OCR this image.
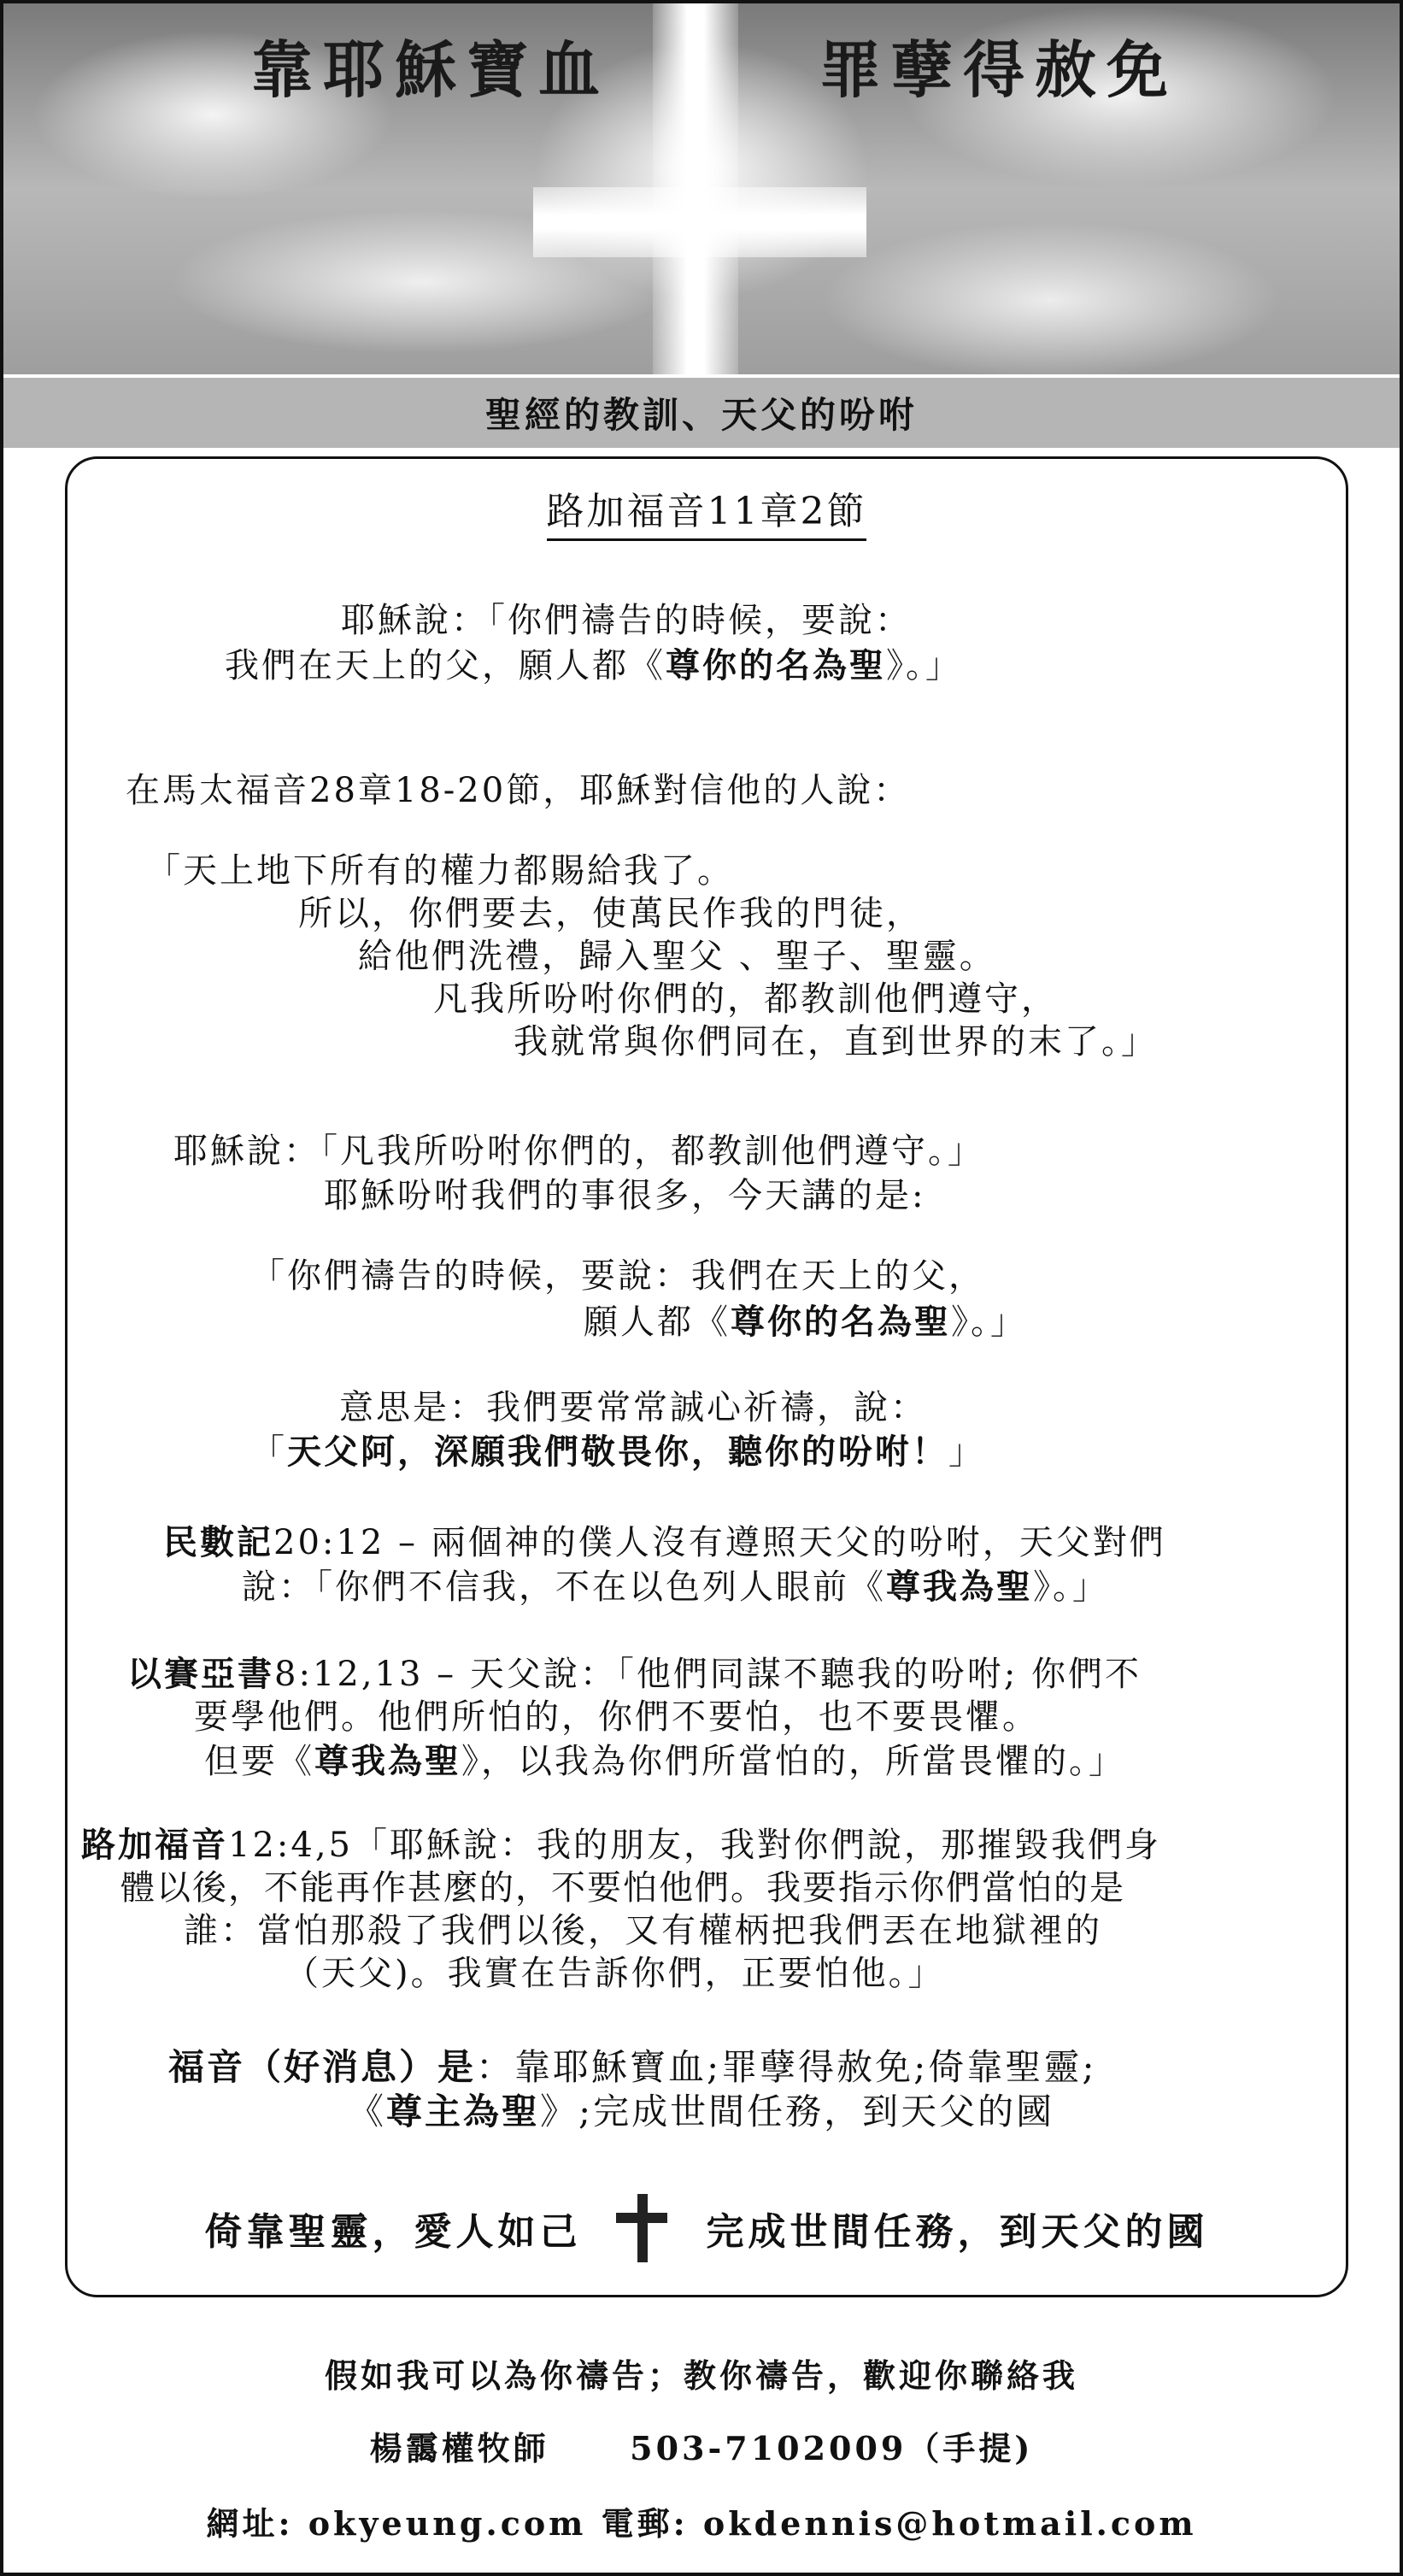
靠耶穌寶血	罪孽得赦免
聖經的教訓、天父的吩咐
路加福音11章2節
耶穌說：「你們禱告的時候，要說：
我們在天上的父，願人都《尊你的名為聖》。」
在馬太福音28章18-20節，耶穌對信他的人說：
「天上地下所有的權力都賜給我了。
所以，你們要去，使萬民作我的門徒，
給他們洗禮，歸入聖父 、聖子、聖靈。
凡我所吩咐你們的，都教訓他們遵守，
我就常與你們同在，直到世界的末了。」
耶穌說：「凡我所吩咐你們的，都教訓他們遵守。」
耶穌吩咐我們的事很多，今天講的是:
「你們禱告的時候，要說：我們在天上的父，
願人都《尊你的名為聖》。」
意思是：我們要常常誠心祈禱，說：
「天父阿，深願我們敬畏你，聽你的吩咐！」
民數記20:12 – 兩個神的僕人沒有遵照天父的吩咐，天父對們
說：「你們不信我，不在以色列人眼前《尊我為聖》。」
以賽亞書8:12,13 – 天父說：「他們同謀不聽我的吩咐; 你們不
要學他們。他們所怕的，你們不要怕，也不要畏懼。
但要《尊我為聖》，以我為你們所當怕的，所當畏懼的。」
路加福音12:4,5「耶穌說：我的朋友，我對你們說，那摧毀我們身
體以後，不能再作甚麼的，不要怕他們。我要指示你們當怕的是
誰：當怕那殺了我們以後，又有權柄把我們丟在地獄裡的
（天父)。我實在告訴你們，正要怕他。」
福音（好消息）是：靠耶穌寶血;罪孽得赦免;倚靠聖靈;
《尊主為聖》;完成世間任務，到天父的國
倚靠聖靈，愛人如己	完成世間任務，到天父的國
假如我可以為你禱告；教你禱告，歡迎你聯絡我
楊靄權牧師 503-7102009（手提)
網址: okyeung.com 電郵: okdennis@hotmail.com
